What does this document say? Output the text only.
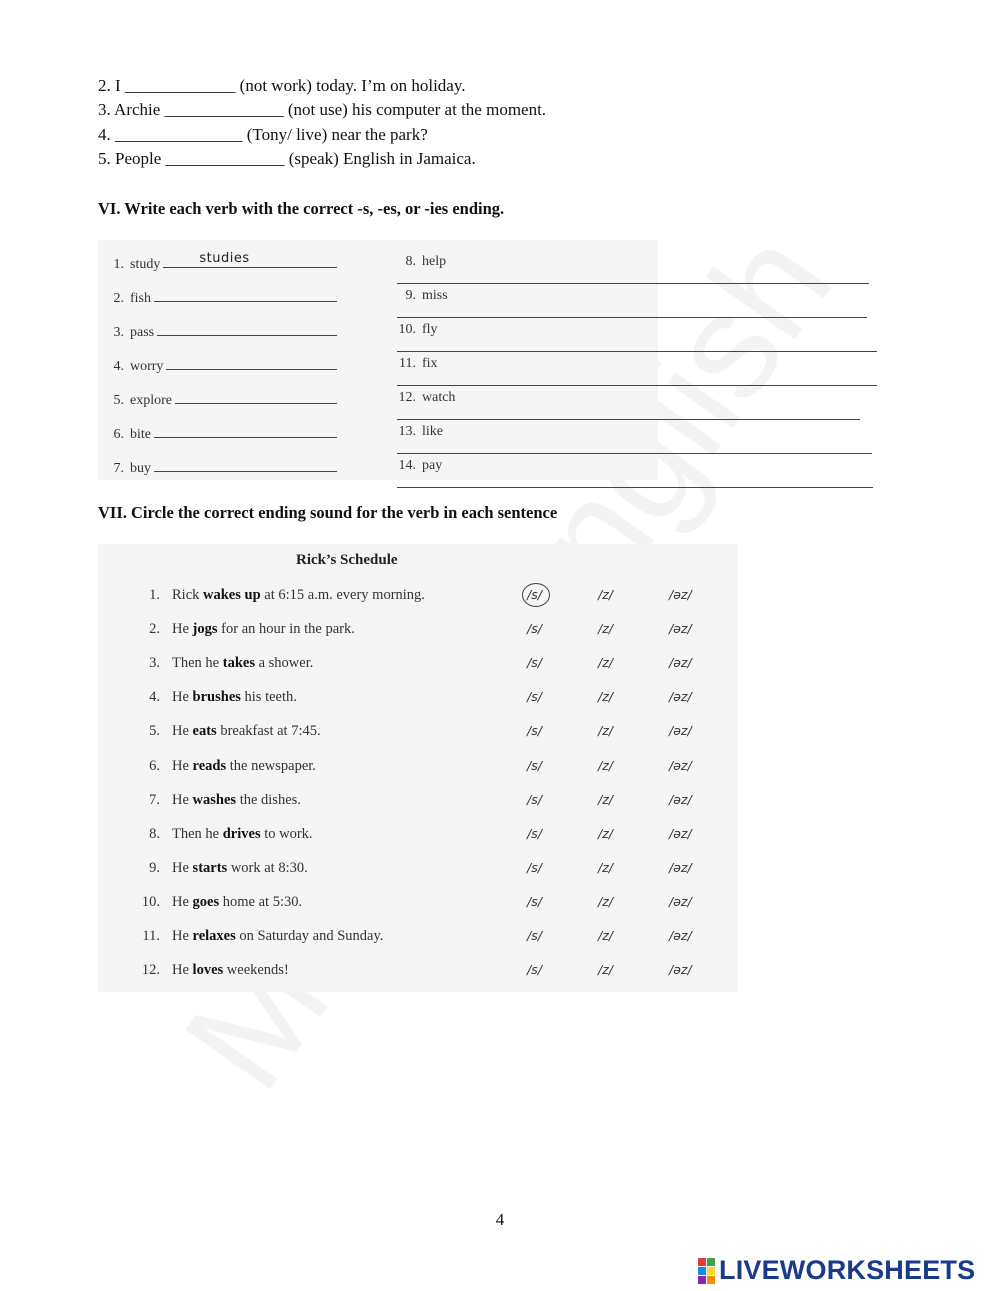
2. I _____________ (not work) today. I’m on holiday.
3. Archie ______________ (not use) his computer at the moment.
4. _______________ (Tony/ live) near the park?
5. People ______________ (speak) English in Jamaica.
VI. Write each verb with the correct -s, -es, or -ies ending.
1. study	studies
2. fish
3. pass
4. worry
5. explore
6. bite
7. buy
8. help
9. miss
10. fly
11. fix
12. watch
13. like
14. pay
VII. Circle the correct ending sound for the verb in each sentence
Rick’s Schedule
1. Rick wakes up at 6:15 a.m. every morning.	/s/	/z/	/əz/
2. He jogs for an hour in the park.	/s/	/z/	/əz/
3. Then he takes a shower.	/s/	/z/	/əz/
4. He brushes his teeth.	/s/	/z/	/əz/
5. He eats breakfast at 7:45.	/s/	/z/	/əz/
6. He reads the newspaper.	/s/	/z/	/əz/
7. He washes the dishes.	/s/	/z/	/əz/
8. Then he drives to work.	/s/	/z/	/əz/
9. He starts work at 8:30.	/s/	/z/	/əz/
10. He goes home at 5:30.	/s/	/z/	/əz/
11. He relaxes on Saturday and Sunday.	/s/	/z/	/əz/
12. He loves weekends!	/s/	/z/	/əz/
4
LIVEWORKSHEETS
